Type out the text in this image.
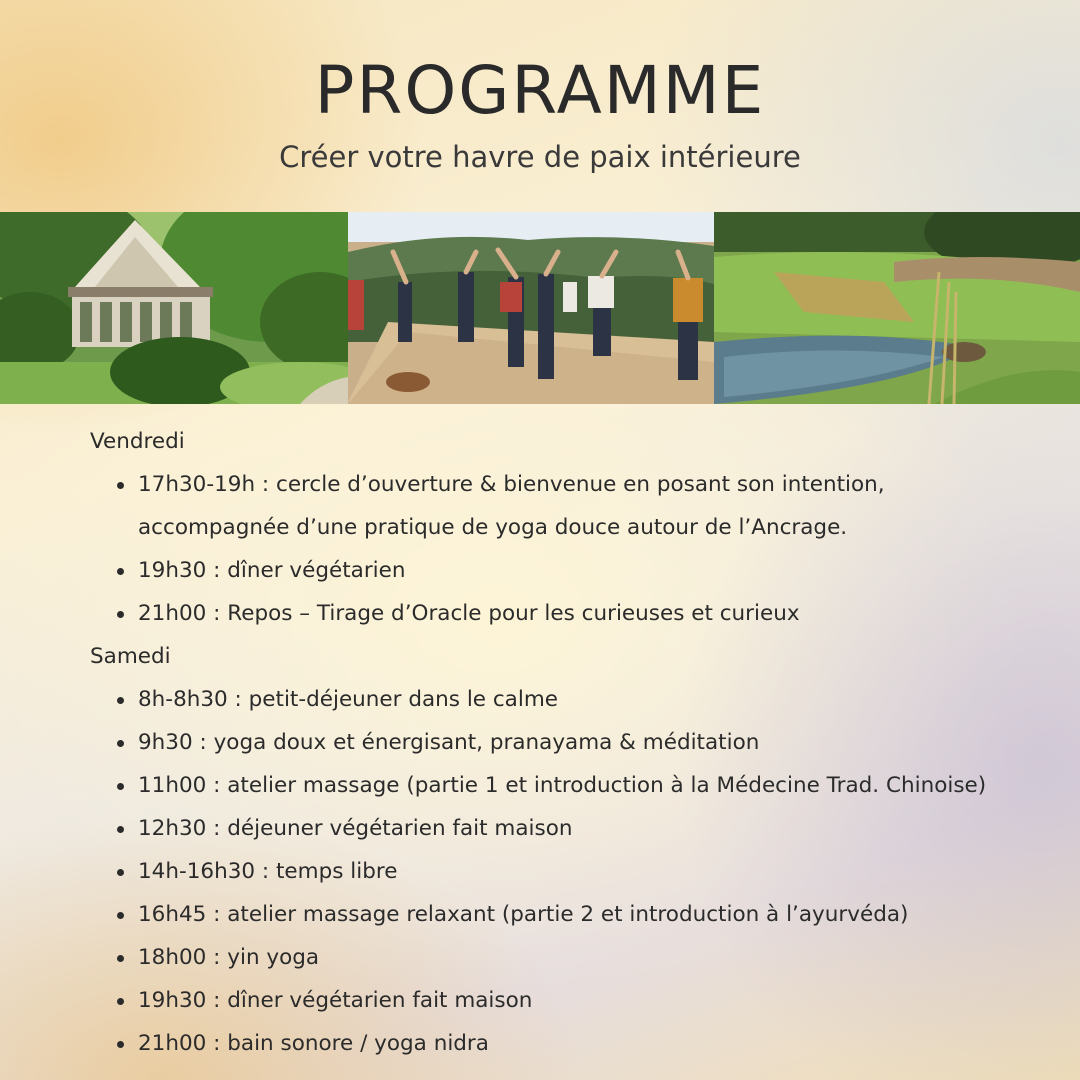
PROGRAMME
Créer votre havre de paix intérieure
Vendredi
17h30-19h : cercle d’ouverture & bienvenue en posant son intention,
accompagnée d’une pratique de yoga douce autour de l’Ancrage.
19h30 : dîner végétarien
21h00 : Repos – Tirage d’Oracle pour les curieuses et curieux
Samedi
8h-8h30 : petit-déjeuner dans le calme
9h30 : yoga doux et énergisant, pranayama & méditation
11h00 : atelier massage (partie 1 et introduction à la Médecine Trad. Chinoise)
12h30 : déjeuner végétarien fait maison
14h-16h30 : temps libre
16h45 : atelier massage relaxant (partie 2 et introduction à l’ayurvéda)
18h00 : yin yoga
19h30 : dîner végétarien fait maison
21h00 : bain sonore / yoga nidra
